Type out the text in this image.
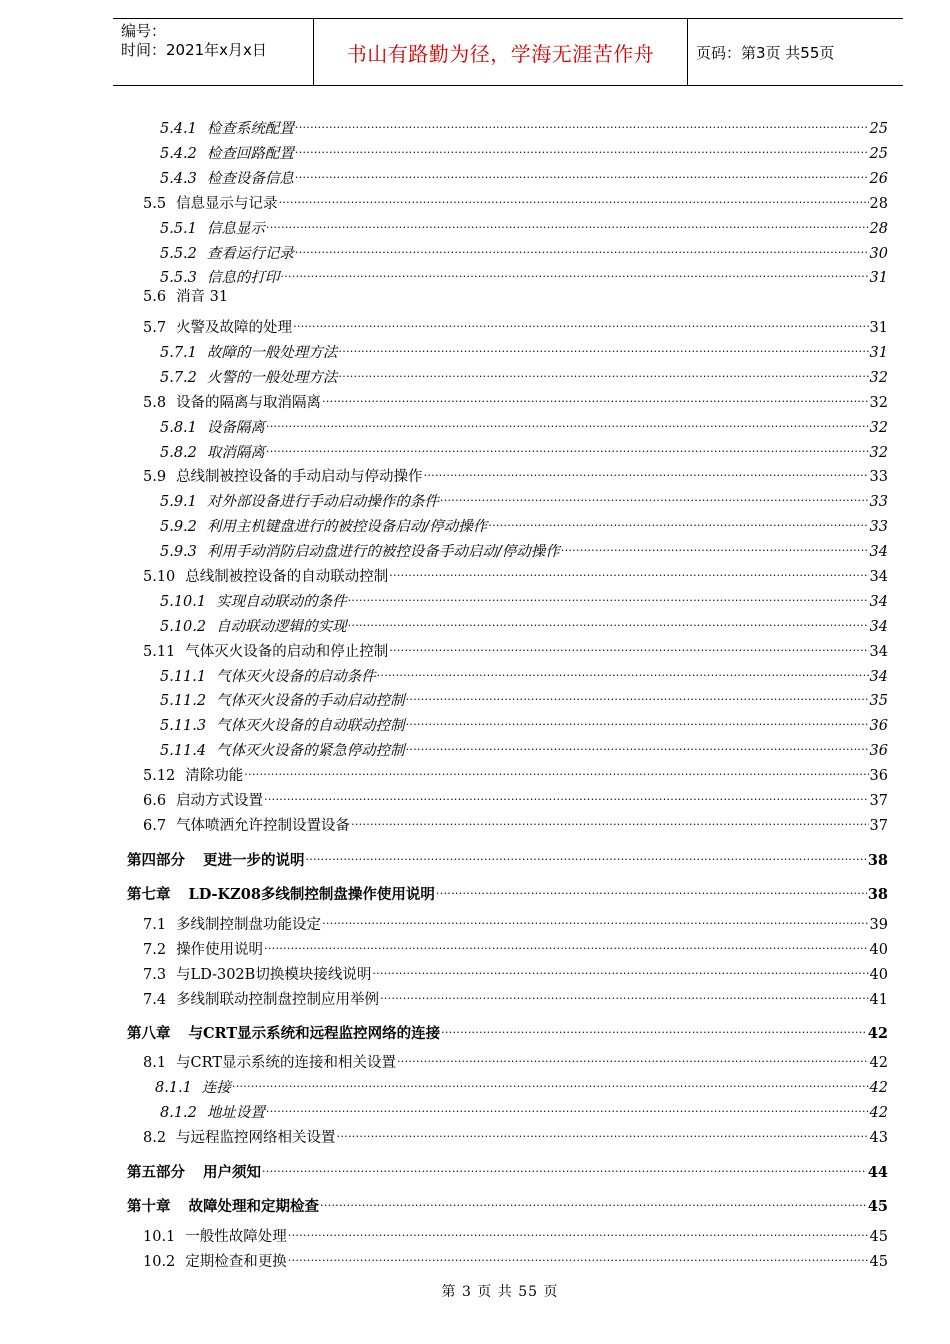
编号：
时间：2021年x月x日	书山有路勤为径，学海无涯苦作舟	页码：第3页 共55页
5.4.1 检查系统配置 .....	25
5.4.2 检查回路配置 .....	25
5.4.3 检查设备信息 .....	26
5.5 信息显示与记录 .....	28
5.5.1 信息显示 .....	28
5.5.2 查看运行记录 .....	30
5.5.3 信息的打印 .....	31
5.6 消音 31
5.7 火警及故障的处理 .....	31
5.7.1 故障的一般处理方法 .....	31
5.7.2 火警的一般处理方法 .....	32
5.8 设备的隔离与取消隔离 .....	32
5.8.1 设备隔离 .....	32
5.8.2 取消隔离 .....	32
5.9 总线制被控设备的手动启动与停动操作 .....	33
5.9.1 对外部设备进行手动启动操作的条件 .....	33
5.9.2 利用主机键盘进行的被控设备启动/停动操作 .....	33
5.9.3 利用手动消防启动盘进行的被控设备手动启动/停动操作 .....	34
5.10 总线制被控设备的自动联动控制 .....	34
5.10.1 实现自动联动的条件 .....	34
5.10.2 自动联动逻辑的实现 .....	34
5.11 气体灭火设备的启动和停止控制 .....	34
5.11.1 气体灭火设备的启动条件 .....	34
5.11.2 气体灭火设备的手动启动控制 .....	35
5.11.3 气体灭火设备的自动联动控制 .....	36
5.11.4 气体灭火设备的紧急停动控制 .....	36
5.12 清除功能 .....	36
6.6 启动方式设置 .....	37
6.7 气体喷洒允许控制设置设备 .....	37
第四部分 更进一步的说明 .....	38
第七章 LD-KZ08多线制控制盘操作使用说明 .....	38
7.1 多线制控制盘功能设定 .....	39
7.2 操作使用说明 .....	40
7.3 与LD-302B切换模块接线说明 .....	40
7.4 多线制联动控制盘控制应用举例 .....	41
第八章 与CRT显示系统和远程监控网络的连接 .....	42
8.1 与CRT显示系统的连接和相关设置 .....	42
8.1.1 连接 .....	42
8.1.2 地址设置 .....	42
8.2 与远程监控网络相关设置 .....	43
第五部分 用户须知 .....	44
第十章 故障处理和定期检查 .....	45
10.1 一般性故障处理 .....	45
10.2 定期检查和更换 .....	45
第 3 页 共 55 页
